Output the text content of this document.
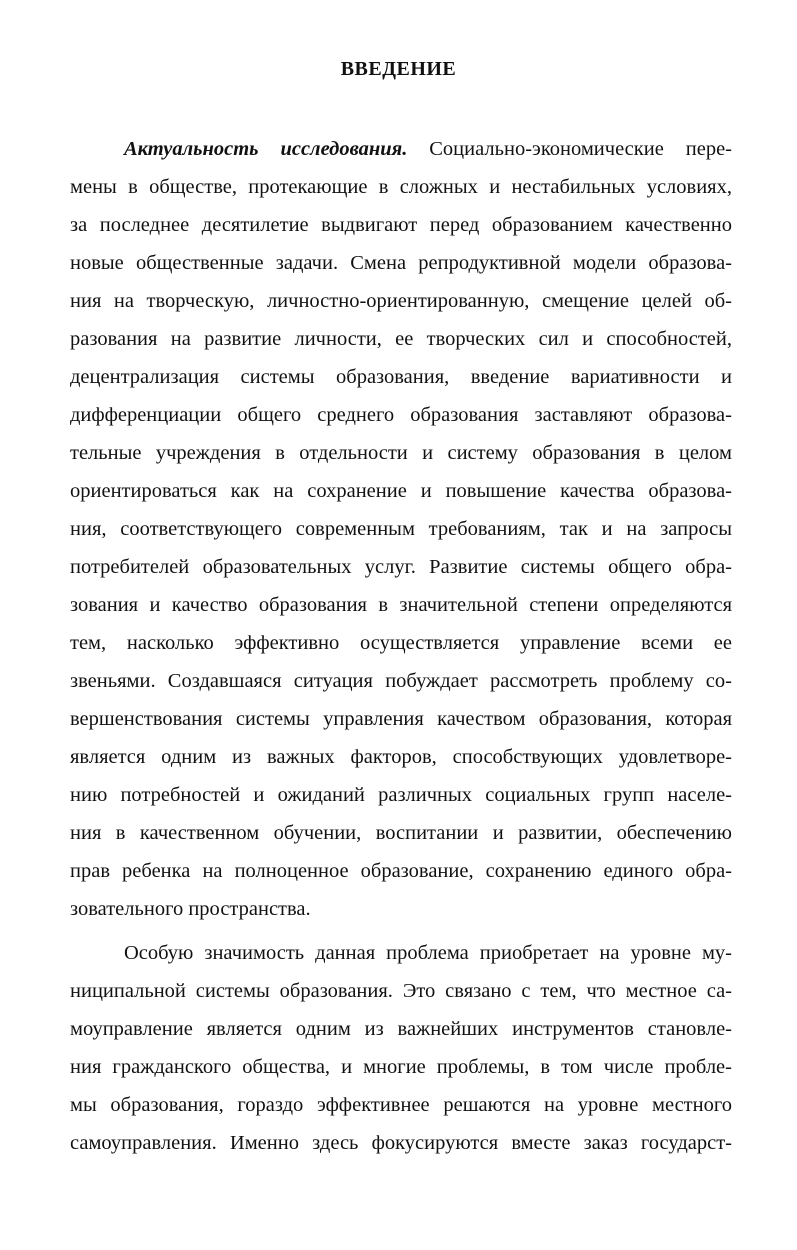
ВВЕДЕНИЕ
Актуальность исследования. Социально-экономические пере-
мены в обществе, протекающие в сложных и нестабильных условиях,
за последнее десятилетие выдвигают перед образованием качественно
новые общественные задачи. Смена репродуктивной модели образова-
ния на творческую, личностно-ориентированную, смещение целей об-
разования на развитие личности, ее творческих сил и способностей,
децентрализация системы образования, введение вариативности и
дифференциации общего среднего образования заставляют образова-
тельные учреждения в отдельности и систему образования в целом
ориентироваться как на сохранение и повышение качества образова-
ния, соответствующего современным требованиям, так и на запросы
потребителей образовательных услуг. Развитие системы общего обра-
зования и качество образования в значительной степени определяются
тем, насколько эффективно осуществляется управление всеми ее
звеньями. Создавшаяся ситуация побуждает рассмотреть проблему со-
вершенствования системы управления качеством образования, которая
является одним из важных факторов, способствующих удовлетворе-
нию потребностей и ожиданий различных социальных групп населе-
ния в качественном обучении, воспитании и развитии, обеспечению
прав ребенка на полноценное образование, сохранению единого обра-
зовательного пространства.
Особую значимость данная проблема приобретает на уровне му-
ниципальной системы образования. Это связано с тем, что местное са-
моуправление является одним из важнейших инструментов становле-
ния гражданского общества, и многие проблемы, в том числе пробле-
мы образования, гораздо эффективнее решаются на уровне местного
самоуправления. Именно здесь фокусируются вместе заказ государст-
